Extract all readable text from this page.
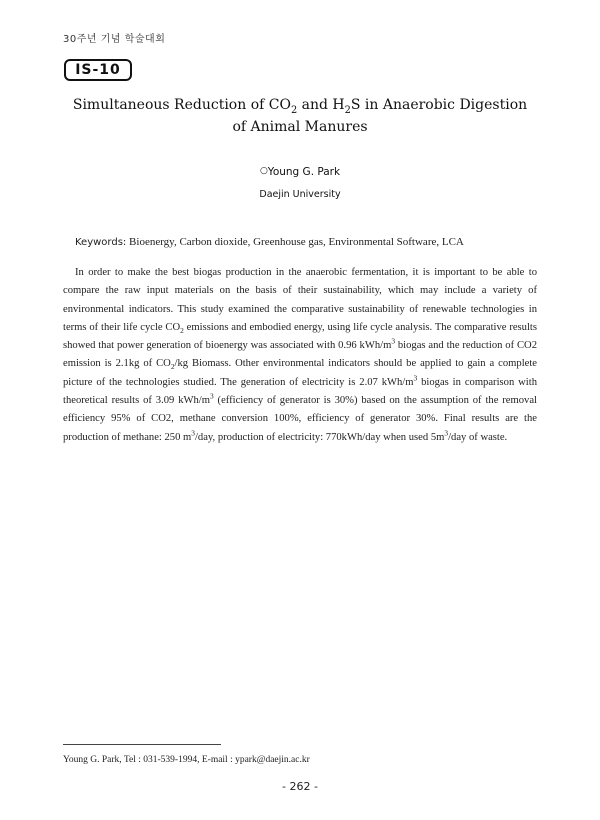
30주년 기념 학술대회
IS-10
Simultaneous Reduction of $CO_2$ and $H_2S$ in Anaerobic Digestion
of Animal Manures
○Young G. Park
Daejin University
Keywords: Bioenergy, Carbon dioxide, Greenhouse gas, Environmental Software, LCA

In order to make the best biogas production in the anaerobic fermentation, it is important to be able to compare the raw input materials on the basis of their sustainability, which may include a variety of environmental indicators. This study examined the comparative sustainability of renewable technologies in terms of their life cycle $CO_2$ emissions and embodied energy, using life cycle analysis. The comparative results showed that power generation of bioenergy was associated with 0.96 kWh/$m^3$ biogas and the reduction of CO2 emission is 2.1kg of $CO_2/kg$ Biomass. Other environmental indicators should be applied to gain a complete picture of the technologies studied. The generation of electricity is 2.07 kWh/$m^3$ biogas in comparison with theoretical results of 3.09 kWh/$m^3$ (efficiency of generator is 30%) based on the assumption of the removal efficiency 95% of CO2, methane conversion 100%, efficiency of generator 30%. Final results are the production of methane: 250 $m^3$/day, production of electricity: 770kWh/day when used $5m^3$/day of waste.

Young G. Park, Tel : 031-539-1994, E-mail : ypark@daejin.ac.kr
- 262 -
